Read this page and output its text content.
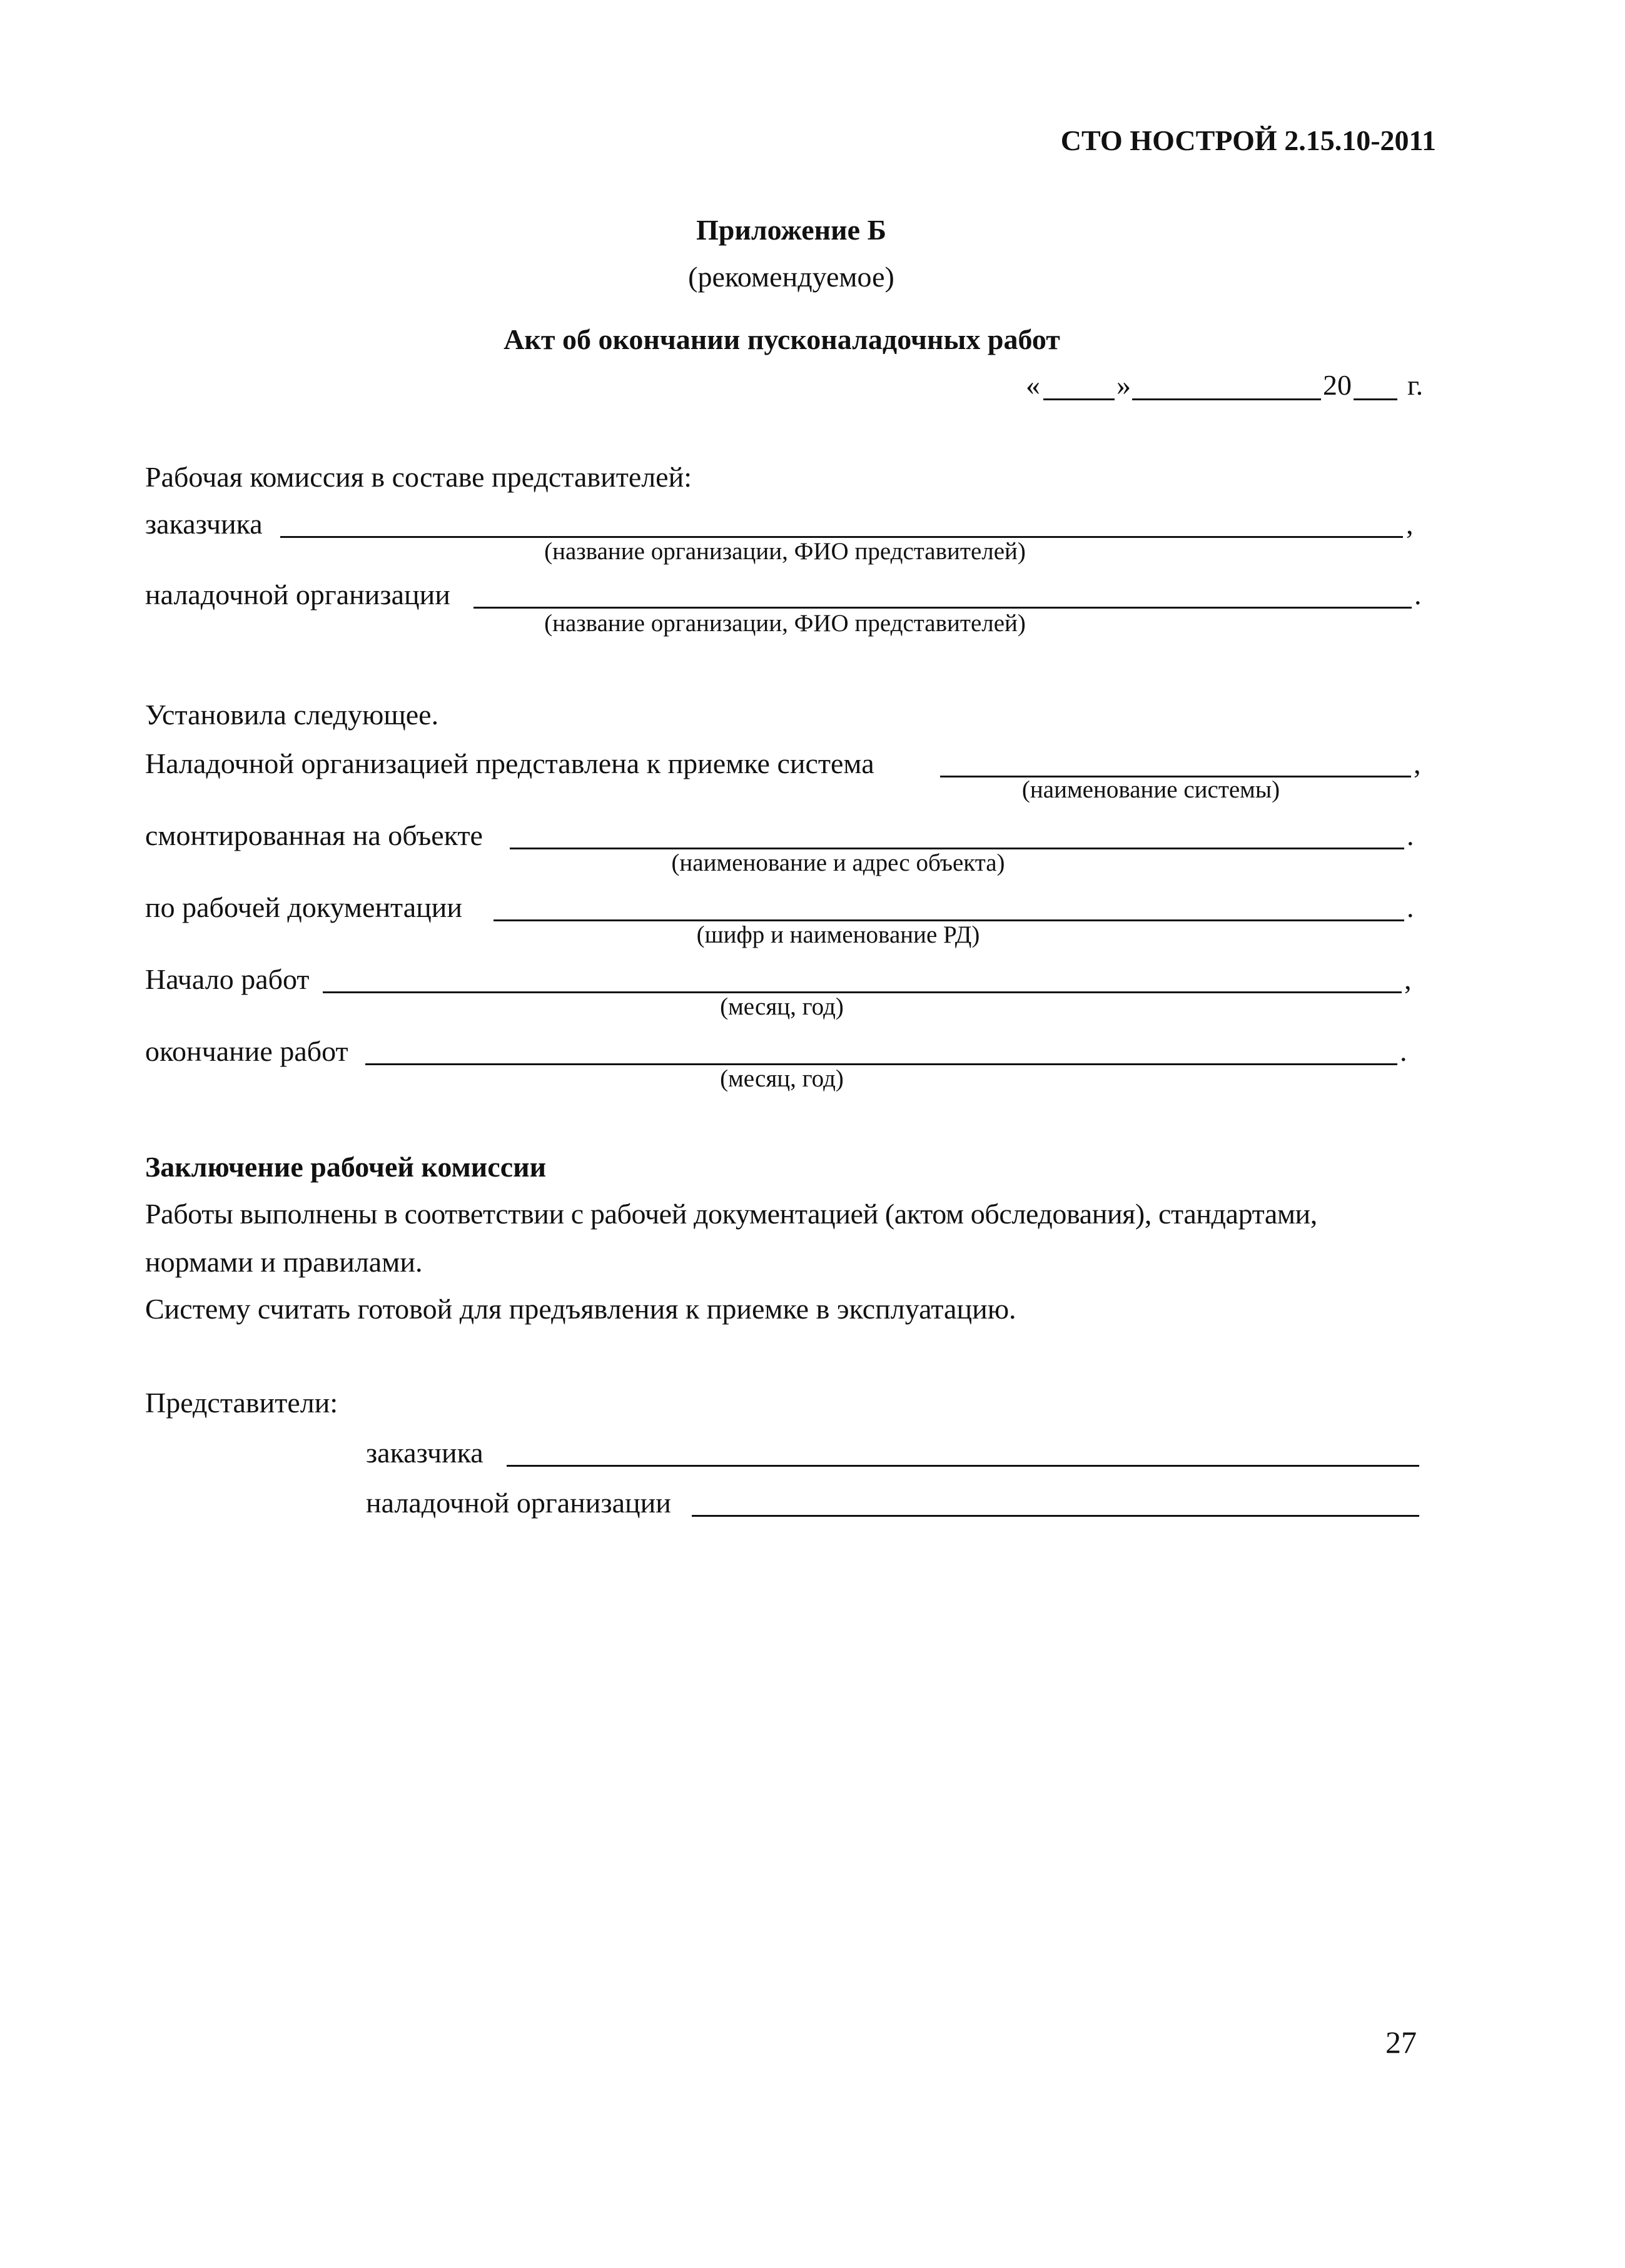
СТО НОСТРОЙ 2.15.10-2011
Приложение Б
(рекомендуемое)
Акт об окончании пусконаладочных работ
«	»	20 г.
Рабочая комиссия в составе представителей:
заказчика	,
(название организации, ФИО представителей)
наладочной организации	.
(название организации, ФИО представителей)
Установила следующее.
Наладочной организацией представлена к приемке система	,
(наименование системы)
смонтированная на объекте	.
(наименование и адрес объекта)
по рабочей документации	.
(шифр и наименование РД)
Начало работ	,
(месяц, год)
окончание работ	.
(месяц, год)
Заключение рабочей комиссии
Работы выполнены в соответствии с рабочей документацией (актом обследования), стандартами,
нормами и правилами.
Систему считать готовой для предъявления к приемке в эксплуатацию.
Представители:
заказчика
наладочной организации
27
